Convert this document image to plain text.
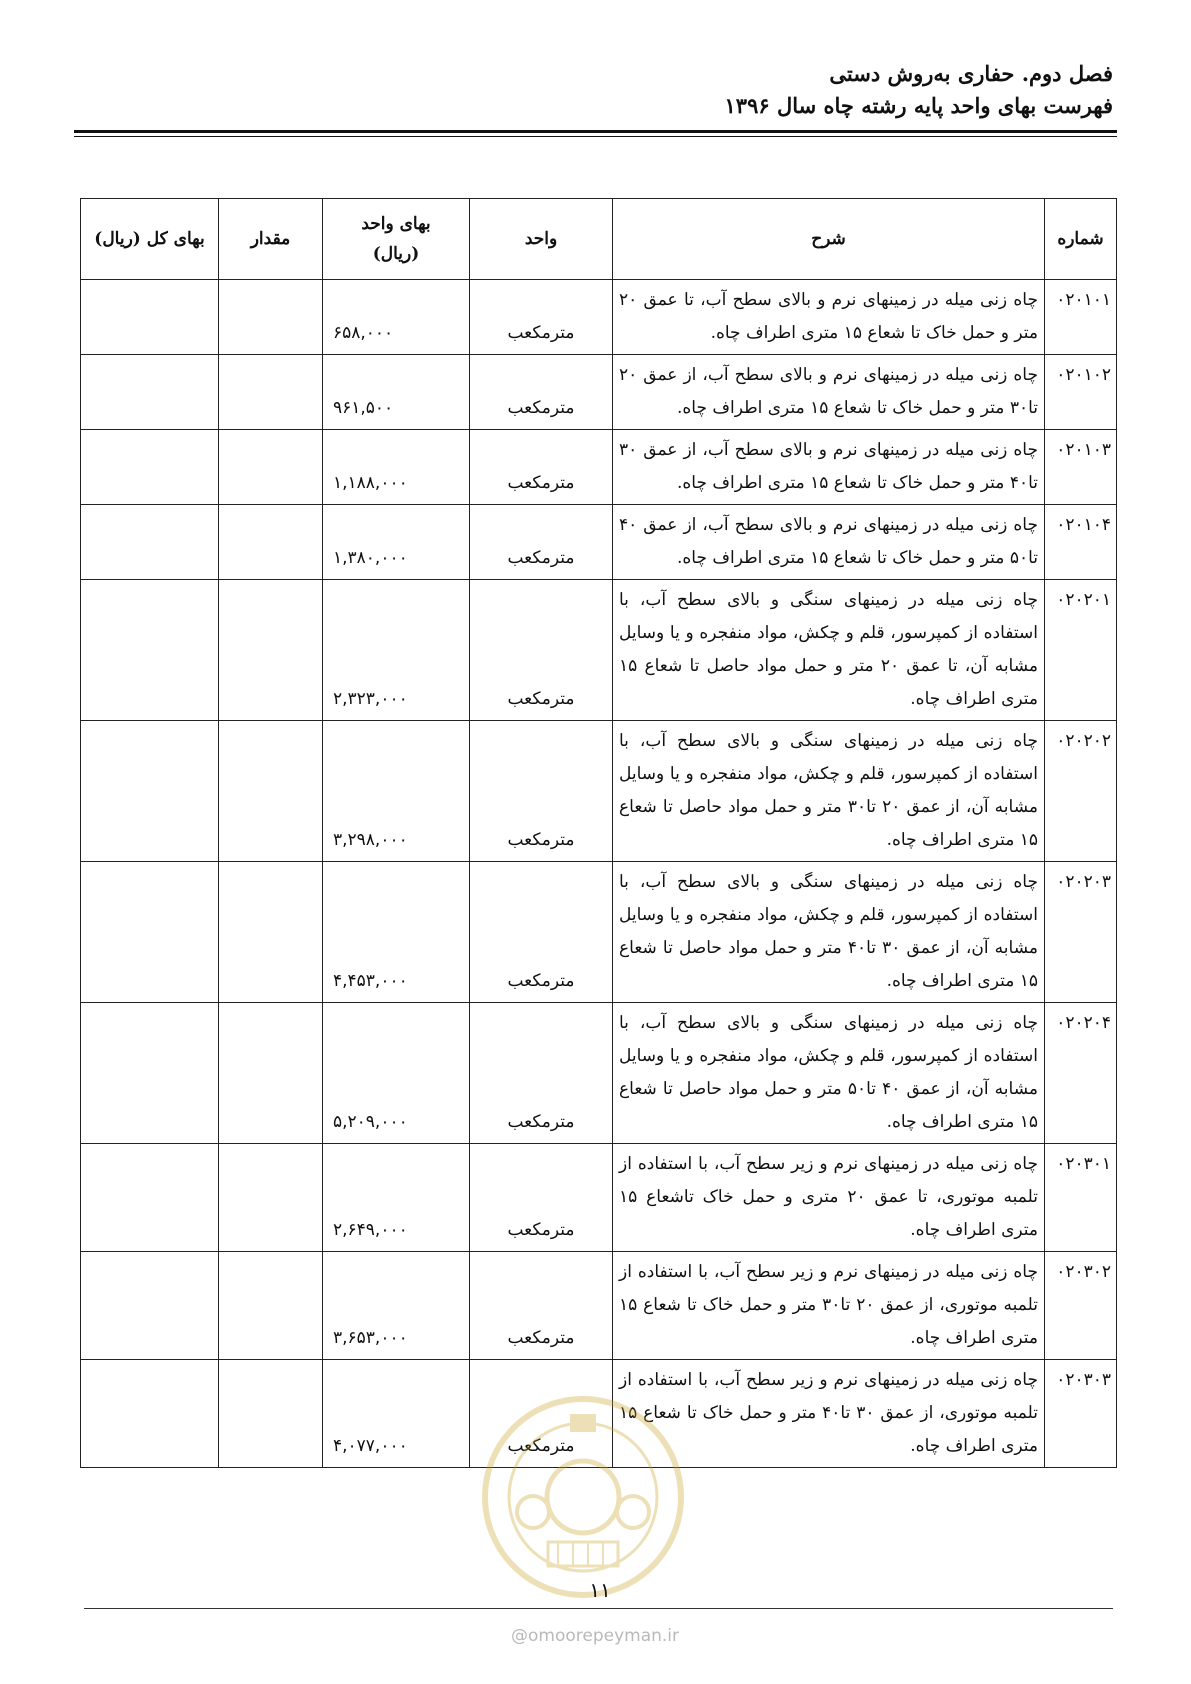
فصل دوم. حفاری به‌روش دستی
فهرست بهای واحد پایه رشته چاه سال ۱۳۹۶
شماره	شرح	واحد	بهای واحد (ریال)	مقدار	بهای کل (ریال)
۰۲۰۱۰۱	چاه زنی میله در زمینهای نرم و بالای سطح آب، تا عمق ۲۰ متر و حمل خاک تا شعاع ۱۵ متری اطراف چاه.	مترمکعب	۶۵۸,۰۰۰		
۰۲۰۱۰۲	چاه زنی میله در زمینهای نرم و بالای سطح آب، از عمق ۲۰ تا۳۰ متر و حمل خاک تا شعاع ۱۵ متری اطراف چاه.	مترمکعب	۹۶۱,۵۰۰		
۰۲۰۱۰۳	چاه زنی میله در زمینهای نرم و بالای سطح آب، از عمق ۳۰ تا۴۰ متر و حمل خاک تا شعاع ۱۵ متری اطراف چاه.	مترمکعب	۱,۱۸۸,۰۰۰		
۰۲۰۱۰۴	چاه زنی میله در زمینهای نرم و بالای سطح آب، از عمق ۴۰ تا۵۰ متر و حمل خاک تا شعاع ۱۵ متری اطراف چاه.	مترمکعب	۱,۳۸۰,۰۰۰		
۰۲۰۲۰۱	چاه زنی میله در زمینهای سنگی و بالای سطح آب، با استفاده از کمپرسور، قلم و چکش، مواد منفجره و یا وسایل مشابه آن، تا عمق ۲۰ متر و حمل مواد حاصل تا شعاع ۱۵ متری اطراف چاه.	مترمکعب	۲,۳۲۳,۰۰۰		
۰۲۰۲۰۲	چاه زنی میله در زمینهای سنگی و بالای سطح آب، با استفاده از کمپرسور، قلم و چکش، مواد منفجره و یا وسایل مشابه آن، از عمق ۲۰ تا۳۰ متر و حمل مواد حاصل تا شعاع ۱۵ متری اطراف چاه.	مترمکعب	۳,۲۹۸,۰۰۰		
۰۲۰۲۰۳	چاه زنی میله در زمینهای سنگی و بالای سطح آب، با استفاده از کمپرسور، قلم و چکش، مواد منفجره و یا وسایل مشابه آن، از عمق ۳۰ تا۴۰ متر و حمل مواد حاصل تا شعاع ۱۵ متری اطراف چاه.	مترمکعب	۴,۴۵۳,۰۰۰		
۰۲۰۲۰۴	چاه زنی میله در زمینهای سنگی و بالای سطح آب، با استفاده از کمپرسور، قلم و چکش، مواد منفجره و یا وسایل مشابه آن، از عمق ۴۰ تا۵۰ متر و حمل مواد حاصل تا شعاع ۱۵ متری اطراف چاه.	مترمکعب	۵,۲۰۹,۰۰۰		
۰۲۰۳۰۱	چاه زنی میله در زمینهای نرم و زیر سطح آب، با استفاده از تلمبه موتوری، تا عمق ۲۰ متری و حمل خاک تاشعاع ۱۵ متری اطراف چاه.	مترمکعب	۲,۶۴۹,۰۰۰		
۰۲۰۳۰۲	چاه زنی میله در زمینهای نرم و زیر سطح آب، با استفاده از تلمبه موتوری، از عمق ۲۰ تا۳۰ متر و حمل خاک تا شعاع ۱۵ متری اطراف چاه.	مترمکعب	۳,۶۵۳,۰۰۰		
۰۲۰۳۰۳	چاه زنی میله در زمینهای نرم و زیر سطح آب، با استفاده از تلمبه موتوری، از عمق ۳۰ تا۴۰ متر و حمل خاک تا شعاع ۱۵ متری اطراف چاه.	مترمکعب	۴,۰۷۷,۰۰۰		
۱۱
@omoorepeyman.ir
